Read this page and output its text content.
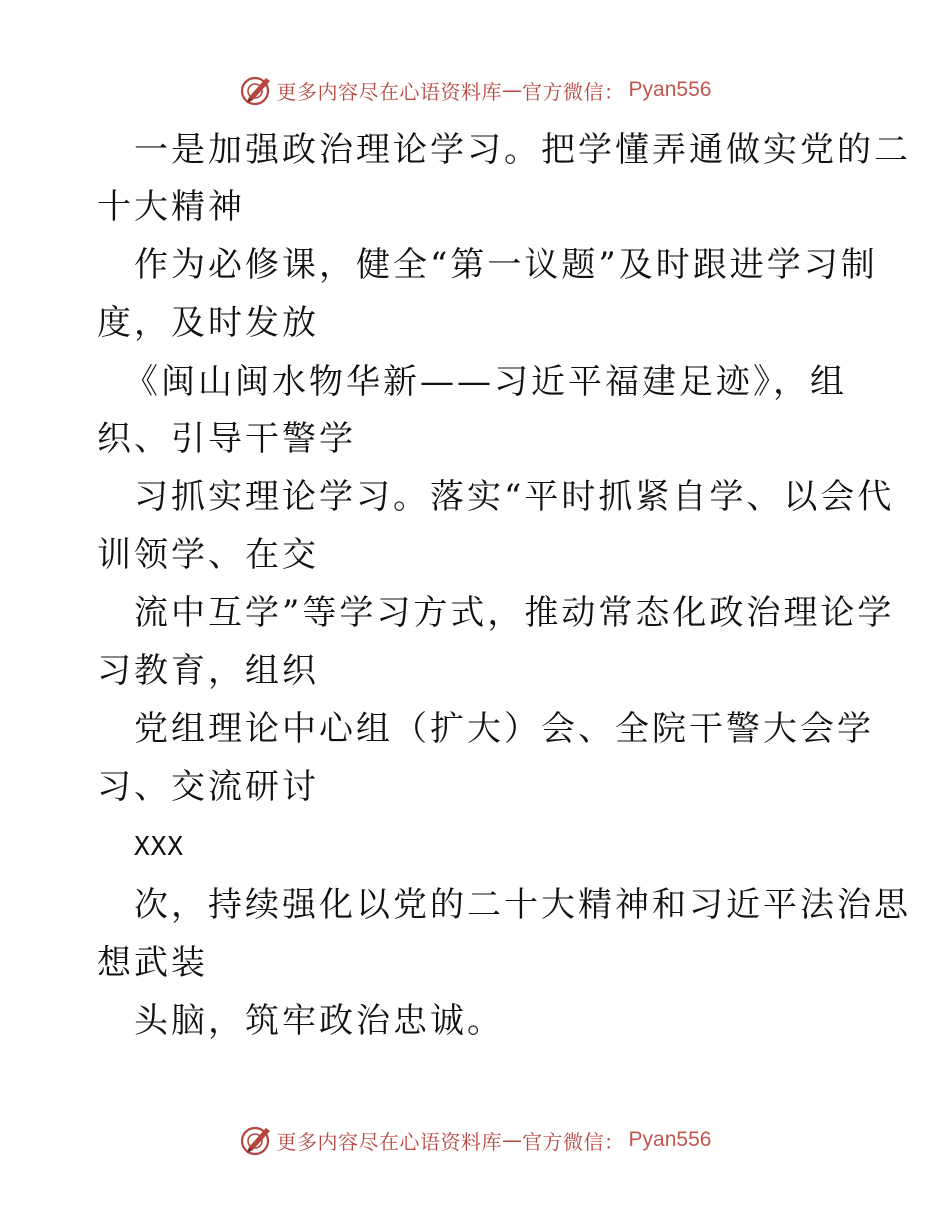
更多内容尽在心语资料库 — 官方微信： Pyan556
一是加强政治理论学习。把学懂弄通做实党的二
十大精神
作为必修课，健全“第一议题”及时跟进学习制
度，及时发放
《闽山闽水物华新——习近平福建足迹》，组
织、引导干警学
习抓实理论学习。落实“平时抓紧自学、以会代
训领学、在交
流中互学”等学习方式，推动常态化政治理论学
习教育，组织
党组理论中心组（扩大）会、全院干警大会学
习、交流研讨
XXX
次，持续强化以党的二十大精神和习近平法治思
想武装
头脑，筑牢政治忠诚。
更多内容尽在心语资料库 — 官方微信： Pyan556
